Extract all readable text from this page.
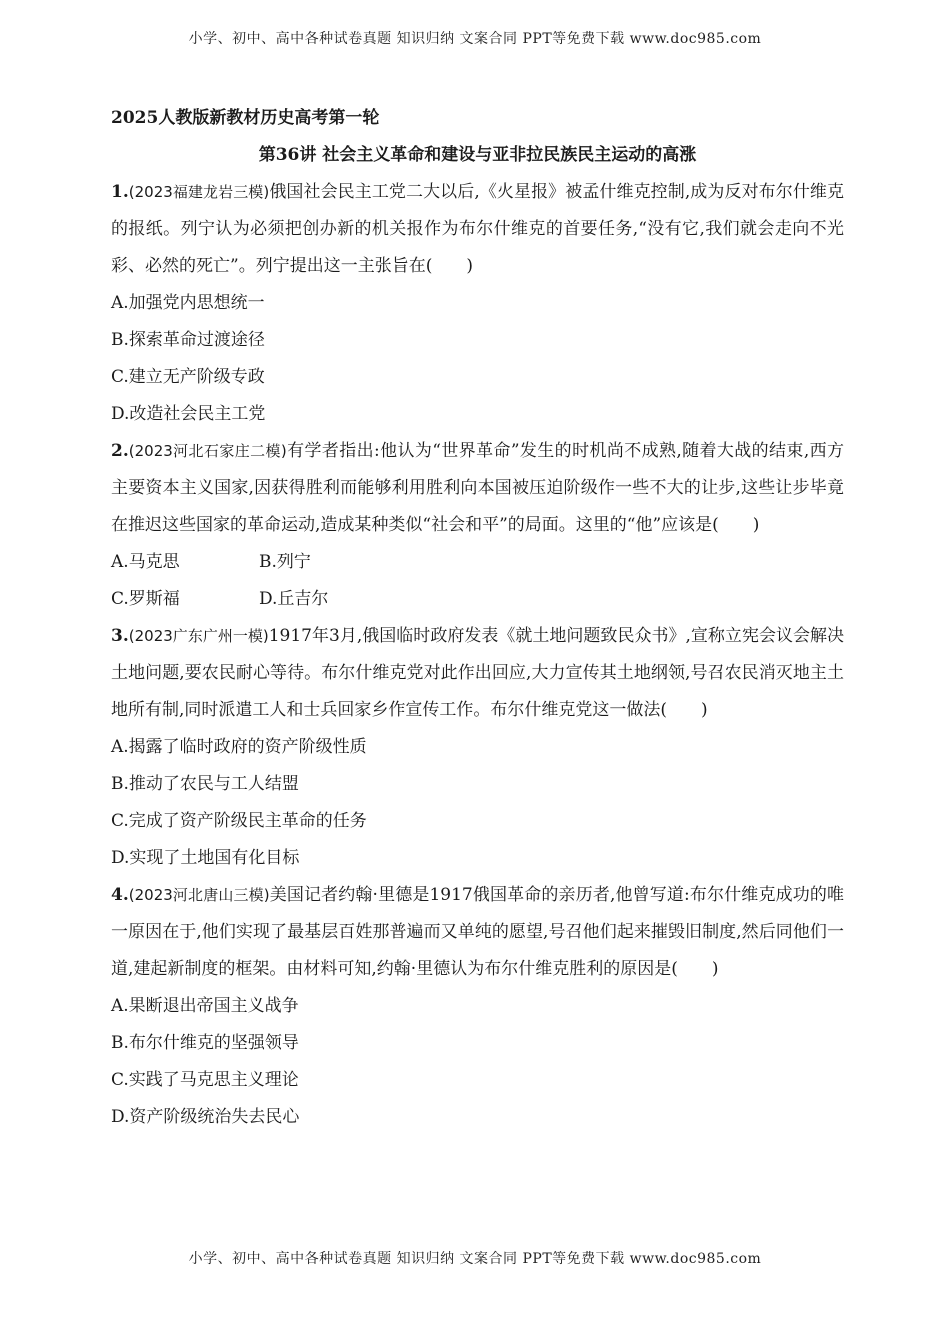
小学、初中、高中各种试卷真题 知识归纳 文案合同 PPT等免费下载 www.doc985.com
2025人教版新教材历史高考第一轮
第36讲 社会主义革命和建设与亚非拉民族民主运动的高涨

1.(2023福建龙岩三模)俄国社会民主工党二大以后,《火星报》被孟什维克控制,成为反对布尔什维克的报纸。列宁认为必须把创办新的机关报作为布尔什维克的首要任务,“没有它,我们就会走向不光彩、必然的死亡”。列宁提出这一主张旨在(　　)

A.加强党内思想统一
B.探索革命过渡途径
C.建立无产阶级专政
D.改造社会民主工党

2.(2023河北石家庄二模)有学者指出:他认为“世界革命”发生的时机尚不成熟,随着大战的结束,西方主要资本主义国家,因获得胜利而能够利用胜利向本国被压迫阶级作一些不大的让步,这些让步毕竟在推迟这些国家的革命运动,造成某种类似“社会和平”的局面。这里的“他”应该是(　　)

A.马克思	B.列宁
C.罗斯福	D.丘吉尔

3.(2023广东广州一模)1917年3月,俄国临时政府发表《就土地问题致民众书》,宣称立宪会议会解决土地问题,要农民耐心等待。布尔什维克党对此作出回应,大力宣传其土地纲领,号召农民消灭地主土地所有制,同时派遣工人和士兵回家乡作宣传工作。布尔什维克党这一做法(　　)

A.揭露了临时政府的资产阶级性质
B.推动了农民与工人结盟
C.完成了资产阶级民主革命的任务
D.实现了土地国有化目标

4.(2023河北唐山三模)美国记者约翰·里德是1917俄国革命的亲历者,他曾写道:布尔什维克成功的唯一原因在于,他们实现了最基层百姓那普遍而又单纯的愿望,号召他们起来摧毁旧制度,然后同他们一道,建起新制度的框架。由材料可知,约翰·里德认为布尔什维克胜利的原因是(　　)

A.果断退出帝国主义战争
B.布尔什维克的坚强领导
C.实践了马克思主义理论
D.资产阶级统治失去民心
小学、初中、高中各种试卷真题 知识归纳 文案合同 PPT等免费下载 www.doc985.com
